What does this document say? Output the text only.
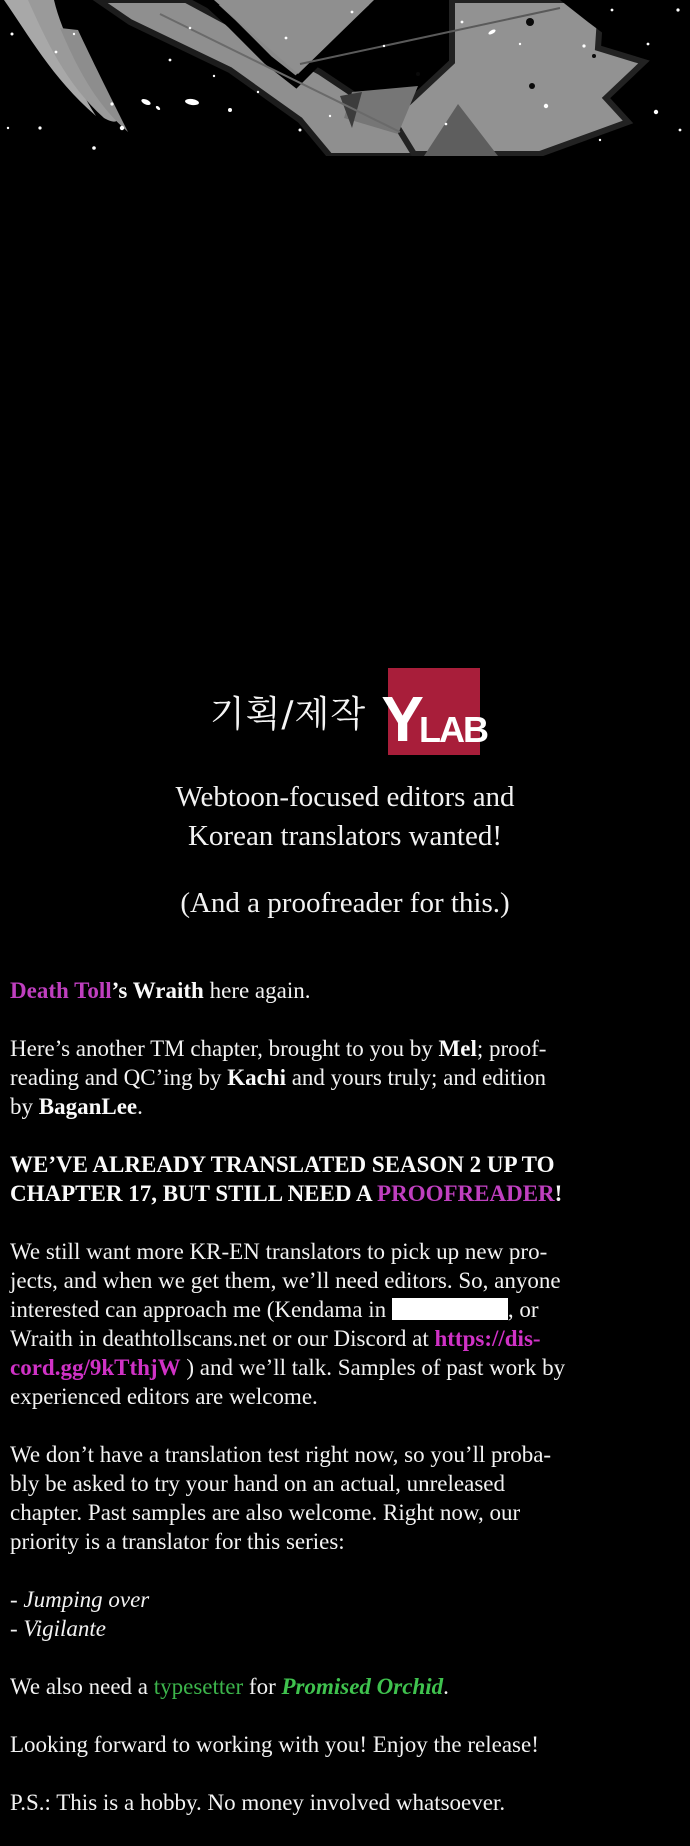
기획/제작 Y
LAB
Webtoon-focused editors and
Korean translators wanted!
(And a proofreader for this.)
Death Toll’s Wraith here again.
Here’s another TM chapter, brought to you by Mel; proof-
reading and QC’ing by Kachi and yours truly; and edition
by BaganLee.
WE’VE ALREADY TRANSLATED SEASON 2 UP TO
CHAPTER 17, BUT STILL NEED A PROOFREADER!
We still want more KR-EN translators to pick up new pro-
jects, and when we get them, we’ll need editors. So, anyone
interested can approach me (Kendama in	, or
Wraith in deathtollscans.net or our Discord at https://dis-
cord.gg/9kTthjW ) and we’ll talk. Samples of past work by
experienced editors are welcome.
We don’t have a translation test right now, so you’ll proba-
bly be asked to try your hand on an actual, unreleased
chapter. Past samples are also welcome. Right now, our
priority is a translator for this series:
- Jumping over
- Vigilante
We also need a typesetter for Promised Orchid.
Looking forward to working with you! Enjoy the release!
P.S.: This is a hobby. No money involved whatsoever.
